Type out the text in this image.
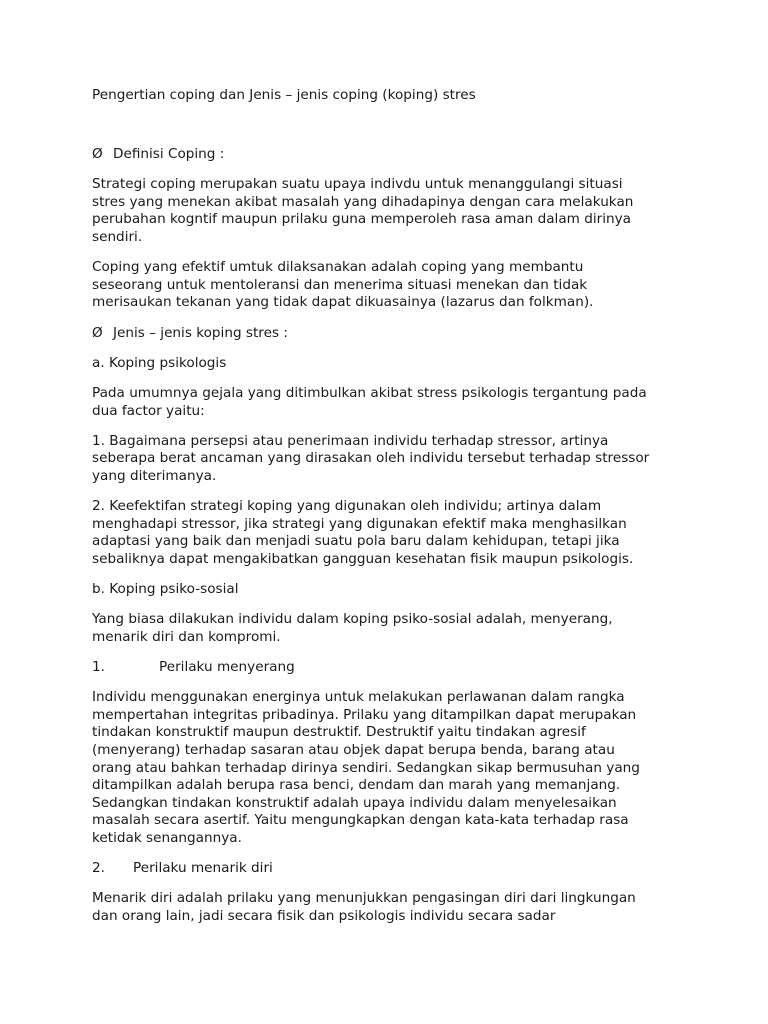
Pengertian coping dan Jenis – jenis coping (koping) stres

Ø Definisi Coping :

Strategi coping merupakan suatu upaya indivdu untuk menanggulangi situasi
stres yang menekan akibat masalah yang dihadapinya dengan cara melakukan
perubahan kogntif maupun prilaku guna memperoleh rasa aman dalam dirinya
sendiri.

Coping yang efektif umtuk dilaksanakan adalah coping yang membantu
seseorang untuk mentoleransi dan menerima situasi menekan dan tidak
merisaukan tekanan yang tidak dapat dikuasainya (lazarus dan folkman).

Ø Jenis – jenis koping stres :

a. Koping psikologis

Pada umumnya gejala yang ditimbulkan akibat stress psikologis tergantung pada
dua factor yaitu:

1. Bagaimana persepsi atau penerimaan individu terhadap stressor, artinya
seberapa berat ancaman yang dirasakan oleh individu tersebut terhadap stressor
yang diterimanya.

2. Keefektifan strategi koping yang digunakan oleh individu; artinya dalam
menghadapi stressor, jika strategi yang digunakan efektif maka menghasilkan
adaptasi yang baik dan menjadi suatu pola baru dalam kehidupan, tetapi jika
sebaliknya dapat mengakibatkan gangguan kesehatan fisik maupun psikologis.

b. Koping psiko-sosial

Yang biasa dilakukan individu dalam koping psiko-sosial adalah, menyerang,
menarik diri dan kompromi.

1.	Perilaku menyerang

Individu menggunakan energinya untuk melakukan perlawanan dalam rangka
mempertahan integritas pribadinya. Prilaku yang ditampilkan dapat merupakan
tindakan konstruktif maupun destruktif. Destruktif yaitu tindakan agresif
(menyerang) terhadap sasaran atau objek dapat berupa benda, barang atau
orang atau bahkan terhadap dirinya sendiri. Sedangkan sikap bermusuhan yang
ditampilkan adalah berupa rasa benci, dendam dan marah yang memanjang.
Sedangkan tindakan konstruktif adalah upaya individu dalam menyelesaikan
masalah secara asertif. Yaitu mengungkapkan dengan kata-kata terhadap rasa
ketidak senangannya.

2. Perilaku menarik diri

Menarik diri adalah prilaku yang menunjukkan pengasingan diri dari lingkungan
dan orang lain, jadi secara fisik dan psikologis individu secara sadar
